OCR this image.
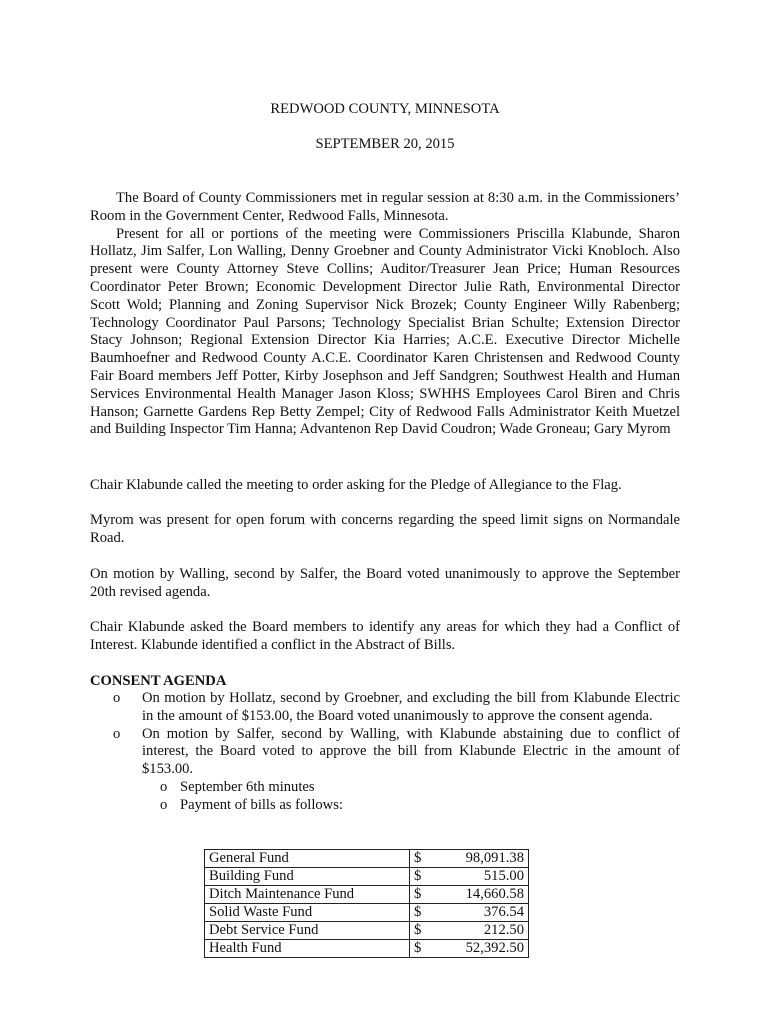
REDWOOD COUNTY, MINNESOTA
SEPTEMBER 20, 2015

The Board of County Commissioners met in regular session at 8:30 a.m. in the Commissioners’ Room in the Government Center, Redwood Falls, Minnesota.

Present for all or portions of the meeting were Commissioners Priscilla Klabunde, Sharon Hollatz, Jim Salfer, Lon Walling, Denny Groebner and County Administrator Vicki Knobloch. Also present were County Attorney Steve Collins; Auditor/Treasurer Jean Price; Human Resources Coordinator Peter Brown; Economic Development Director Julie Rath, Environmental Director Scott Wold; Planning and Zoning Supervisor Nick Brozek; County Engineer Willy Rabenberg; Technology Coordinator Paul Parsons; Technology Specialist Brian Schulte; Extension Director Stacy Johnson; Regional Extension Director Kia Harries; A.C.E. Executive Director Michelle Baumhoefner and Redwood County A.C.E. Coordinator Karen Christensen and Redwood County Fair Board members Jeff Potter, Kirby Josephson and Jeff Sandgren; Southwest Health and Human Services Environmental Health Manager Jason Kloss; SWHHS Employees Carol Biren and Chris Hanson; Garnette Gardens Rep Betty Zempel; City of Redwood Falls Administrator Keith Muetzel and Building Inspector Tim Hanna; Advantenon Rep David Coudron; Wade Groneau; Gary Myrom

Chair Klabunde called the meeting to order asking for the Pledge of Allegiance to the Flag.

Myrom was present for open forum with concerns regarding the speed limit signs on Normandale Road.

On motion by Walling, second by Salfer, the Board voted unanimously to approve the September 20th revised agenda.

Chair Klabunde asked the Board members to identify any areas for which they had a Conflict of Interest. Klabunde identified a conflict in the Abstract of Bills.

CONSENT AGENDA
o On motion by Hollatz, second by Groebner, and excluding the bill from Klabunde Electric in the amount of $153.00, the Board voted unanimously to approve the consent agenda.
o On motion by Salfer, second by Walling, with Klabunde abstaining due to conflict of interest, the Board voted to approve the bill from Klabunde Electric in the amount of $153.00.
o September 6th minutes
o Payment of bills as follows:
General Fund	$	98,091.38
Building Fund	$	515.00
Ditch Maintenance Fund	$	14,660.58
Solid Waste Fund	$	376.54
Debt Service Fund	$	212.50
Health Fund	$	52,392.50
